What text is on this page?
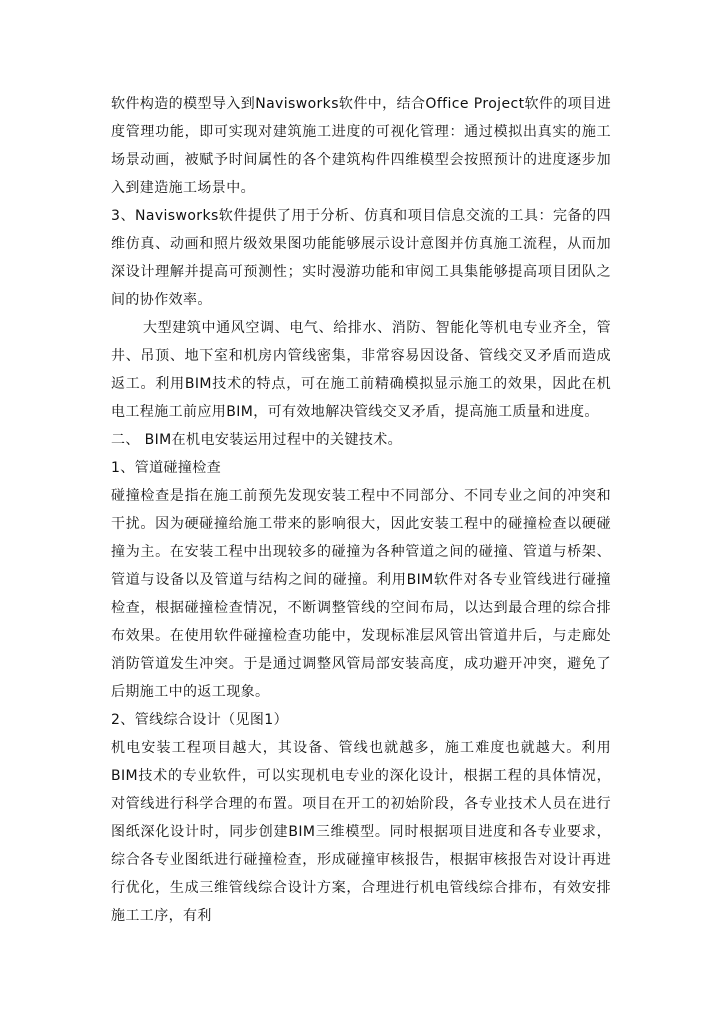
软件构造的模型导入到Navisworks软件中，结合Office Project软件的项目进度管理功能，即可实现对建筑施工进度的可视化管理：通过模拟出真实的施工场景动画，被赋予时间属性的各个建筑构件四维模型会按照预计的进度逐步加入到建造施工场景中。

3、Navisworks软件提供了用于分析、仿真和项目信息交流的工具：完备的四维仿真、动画和照片级效果图功能能够展示设计意图并仿真施工流程，从而加深设计理解并提高可预测性；实时漫游功能和审阅工具集能够提高项目团队之间的协作效率。

大型建筑中通风空调、电气、给排水、消防、智能化等机电专业齐全，管井、吊顶、地下室和机房内管线密集，非常容易因设备、管线交叉矛盾而造成返工。利用BIM技术的特点，可在施工前精确模拟显示施工的效果，因此在机电工程施工前应用BIM，可有效地解决管线交叉矛盾，提高施工质量和进度。

二、 BIM在机电安装运用过程中的关键技术。

1、管道碰撞检查

碰撞检查是指在施工前预先发现安装工程中不同部分、不同专业之间的冲突和干扰。因为硬碰撞给施工带来的影响很大，因此安装工程中的碰撞检查以硬碰撞为主。在安装工程中出现较多的碰撞为各种管道之间的碰撞、管道与桥架、管道与设备以及管道与结构之间的碰撞。利用BIM软件对各专业管线进行碰撞检查，根据碰撞检查情况，不断调整管线的空间布局，以达到最合理的综合排布效果。在使用软件碰撞检查功能中，发现标准层风管出管道井后，与走廊处消防管道发生冲突。于是通过调整风管局部安装高度，成功避开冲突，避免了后期施工中的返工现象。

2、管线综合设计（见图1）

机电安装工程项目越大，其设备、管线也就越多，施工难度也就越大。利用 BIM技术的专业软件，可以实现机电专业的深化设计，根据工程的具体情况，对管线进行科学合理的布置。项目在开工的初始阶段，各专业技术人员在进行图纸深化设计时，同步创建BIM三维模型。同时根据项目进度和各专业要求，综合各专业图纸进行碰撞检查，形成碰撞审核报告，根据审核报告对设计再进行优化，生成三维管线综合设计方案，合理进行机电管线综合排布，有效安排施工工序，有利
